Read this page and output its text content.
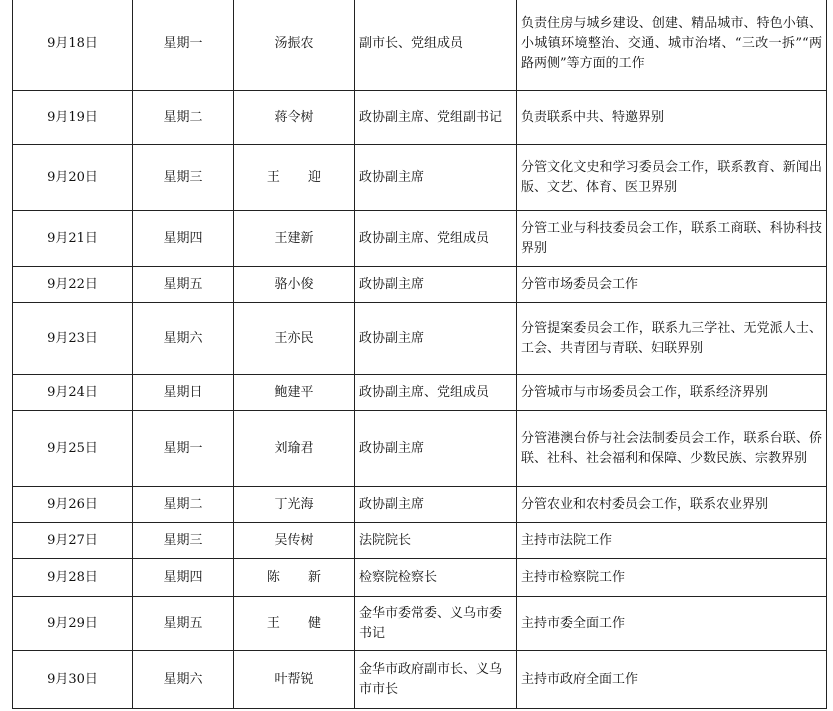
9月18日	星期一	汤振农	副市长、党组成员	负责住房与城乡建设、创建、精品城市、特色小镇、小城镇环境整治、交通、城市治堵、“三改一拆”“两路两侧”等方面的工作
9月19日	星期二	蒋令树	政协副主席、党组副书记	负责联系中共、特邀界别
9月20日	星期三	王 迎	政协副主席	分管文化文史和学习委员会工作，联系教育、新闻出版、文艺、体育、医卫界别
9月21日	星期四	王建新	政协副主席、党组成员	分管工业与科技委员会工作，联系工商联、科协科技界别
9月22日	星期五	骆小俊	政协副主席	分管市场委员会工作
9月23日	星期六	王亦民	政协副主席	分管提案委员会工作，联系九三学社、无党派人士、工会、共青团与青联、妇联界别
9月24日	星期日	鲍建平	政协副主席、党组成员	分管城市与市场委员会工作，联系经济界别
9月25日	星期一	刘瑜君	政协副主席	分管港澳台侨与社会法制委员会工作，联系台联、侨联、社科、社会福利和保障、少数民族、宗教界别
9月26日	星期二	丁光海	政协副主席	分管农业和农村委员会工作，联系农业界别
9月27日	星期三	吴传树	法院院长	主持市法院工作
9月28日	星期四	陈 新	检察院检察长	主持市检察院工作
9月29日	星期五	王 健	金华市委常委、义乌市委书记	主持市委全面工作
9月30日	星期六	叶帮锐	金华市政府副市长、义乌市市长	主持市政府全面工作
